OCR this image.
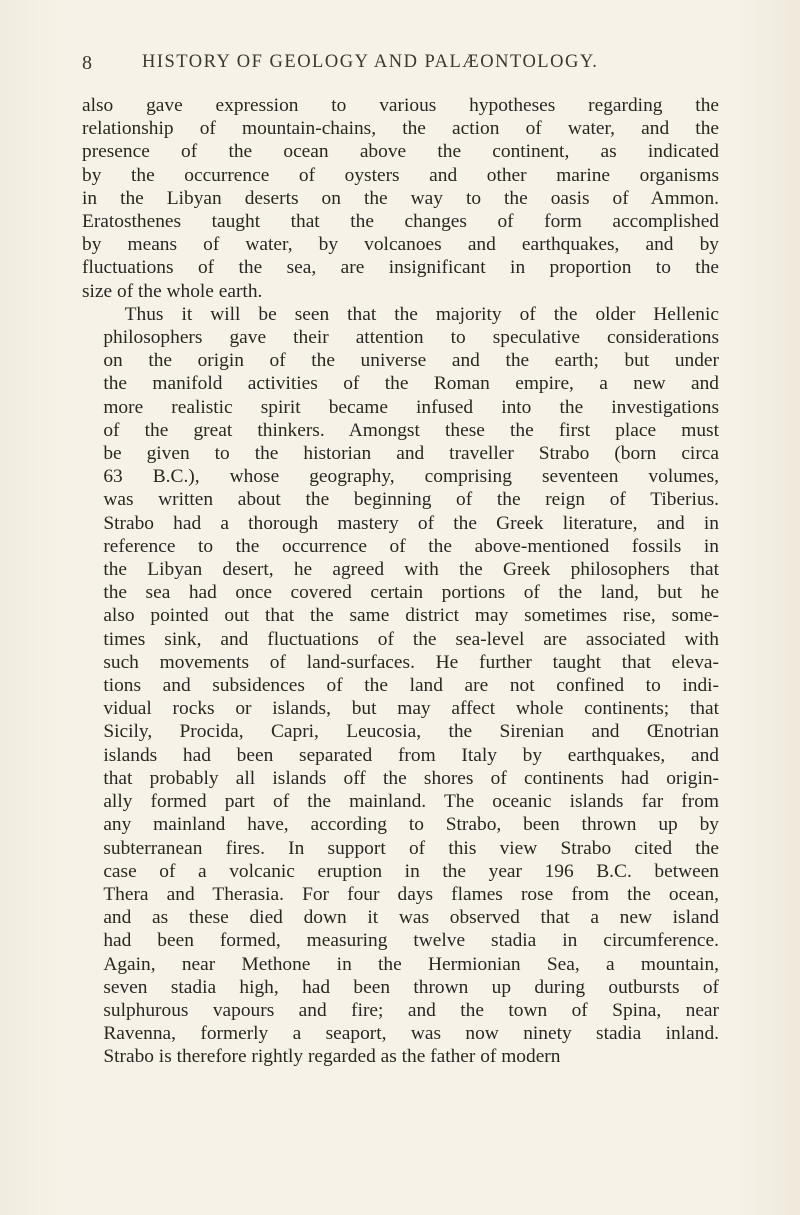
8	HISTORY OF GEOLOGY AND PALÆONTOLOGY.

also gave expression to various hypotheses regarding the
relationship of mountain-chains, the action of water, and the
presence of the ocean above the continent, as indicated
by the occurrence of oysters and other marine organisms
in the Libyan deserts on the way to the oasis of Ammon.
Eratosthenes taught that the changes of form accomplished
by means of water, by volcanoes and earthquakes, and by
fluctuations of the sea, are insignificant in proportion to the
size of the whole earth.

Thus it will be seen that the majority of the older Hellenic
philosophers gave their attention to speculative considerations
on the origin of the universe and the earth; but under
the manifold activities of the Roman empire, a new and
more realistic spirit became infused into the investigations
of the great thinkers. Amongst these the first place must
be given to the historian and traveller Strabo (born circa
63 B.C.), whose geography, comprising seventeen volumes,
was written about the beginning of the reign of Tiberius.
Strabo had a thorough mastery of the Greek literature, and in
reference to the occurrence of the above-mentioned fossils in
the Libyan desert, he agreed with the Greek philosophers that
the sea had once covered certain portions of the land, but he
also pointed out that the same district may sometimes rise, some-
times sink, and fluctuations of the sea-level are associated with
such movements of land-surfaces. He further taught that eleva-
tions and subsidences of the land are not confined to indi-
vidual rocks or islands, but may affect whole continents; that
Sicily, Procida, Capri, Leucosia, the Sirenian and Œnotrian
islands had been separated from Italy by earthquakes, and
that probably all islands off the shores of continents had origin-
ally formed part of the mainland. The oceanic islands far from
any mainland have, according to Strabo, been thrown up by
subterranean fires. In support of this view Strabo cited the
case of a volcanic eruption in the year 196 B.C. between
Thera and Therasia. For four days flames rose from the ocean,
and as these died down it was observed that a new island
had been formed, measuring twelve stadia in circumference.
Again, near Methone in the Hermionian Sea, a mountain,
seven stadia high, had been thrown up during outbursts of
sulphurous vapours and fire; and the town of Spina, near
Ravenna, formerly a seaport, was now ninety stadia inland.
Strabo is therefore rightly regarded as the father of modern
